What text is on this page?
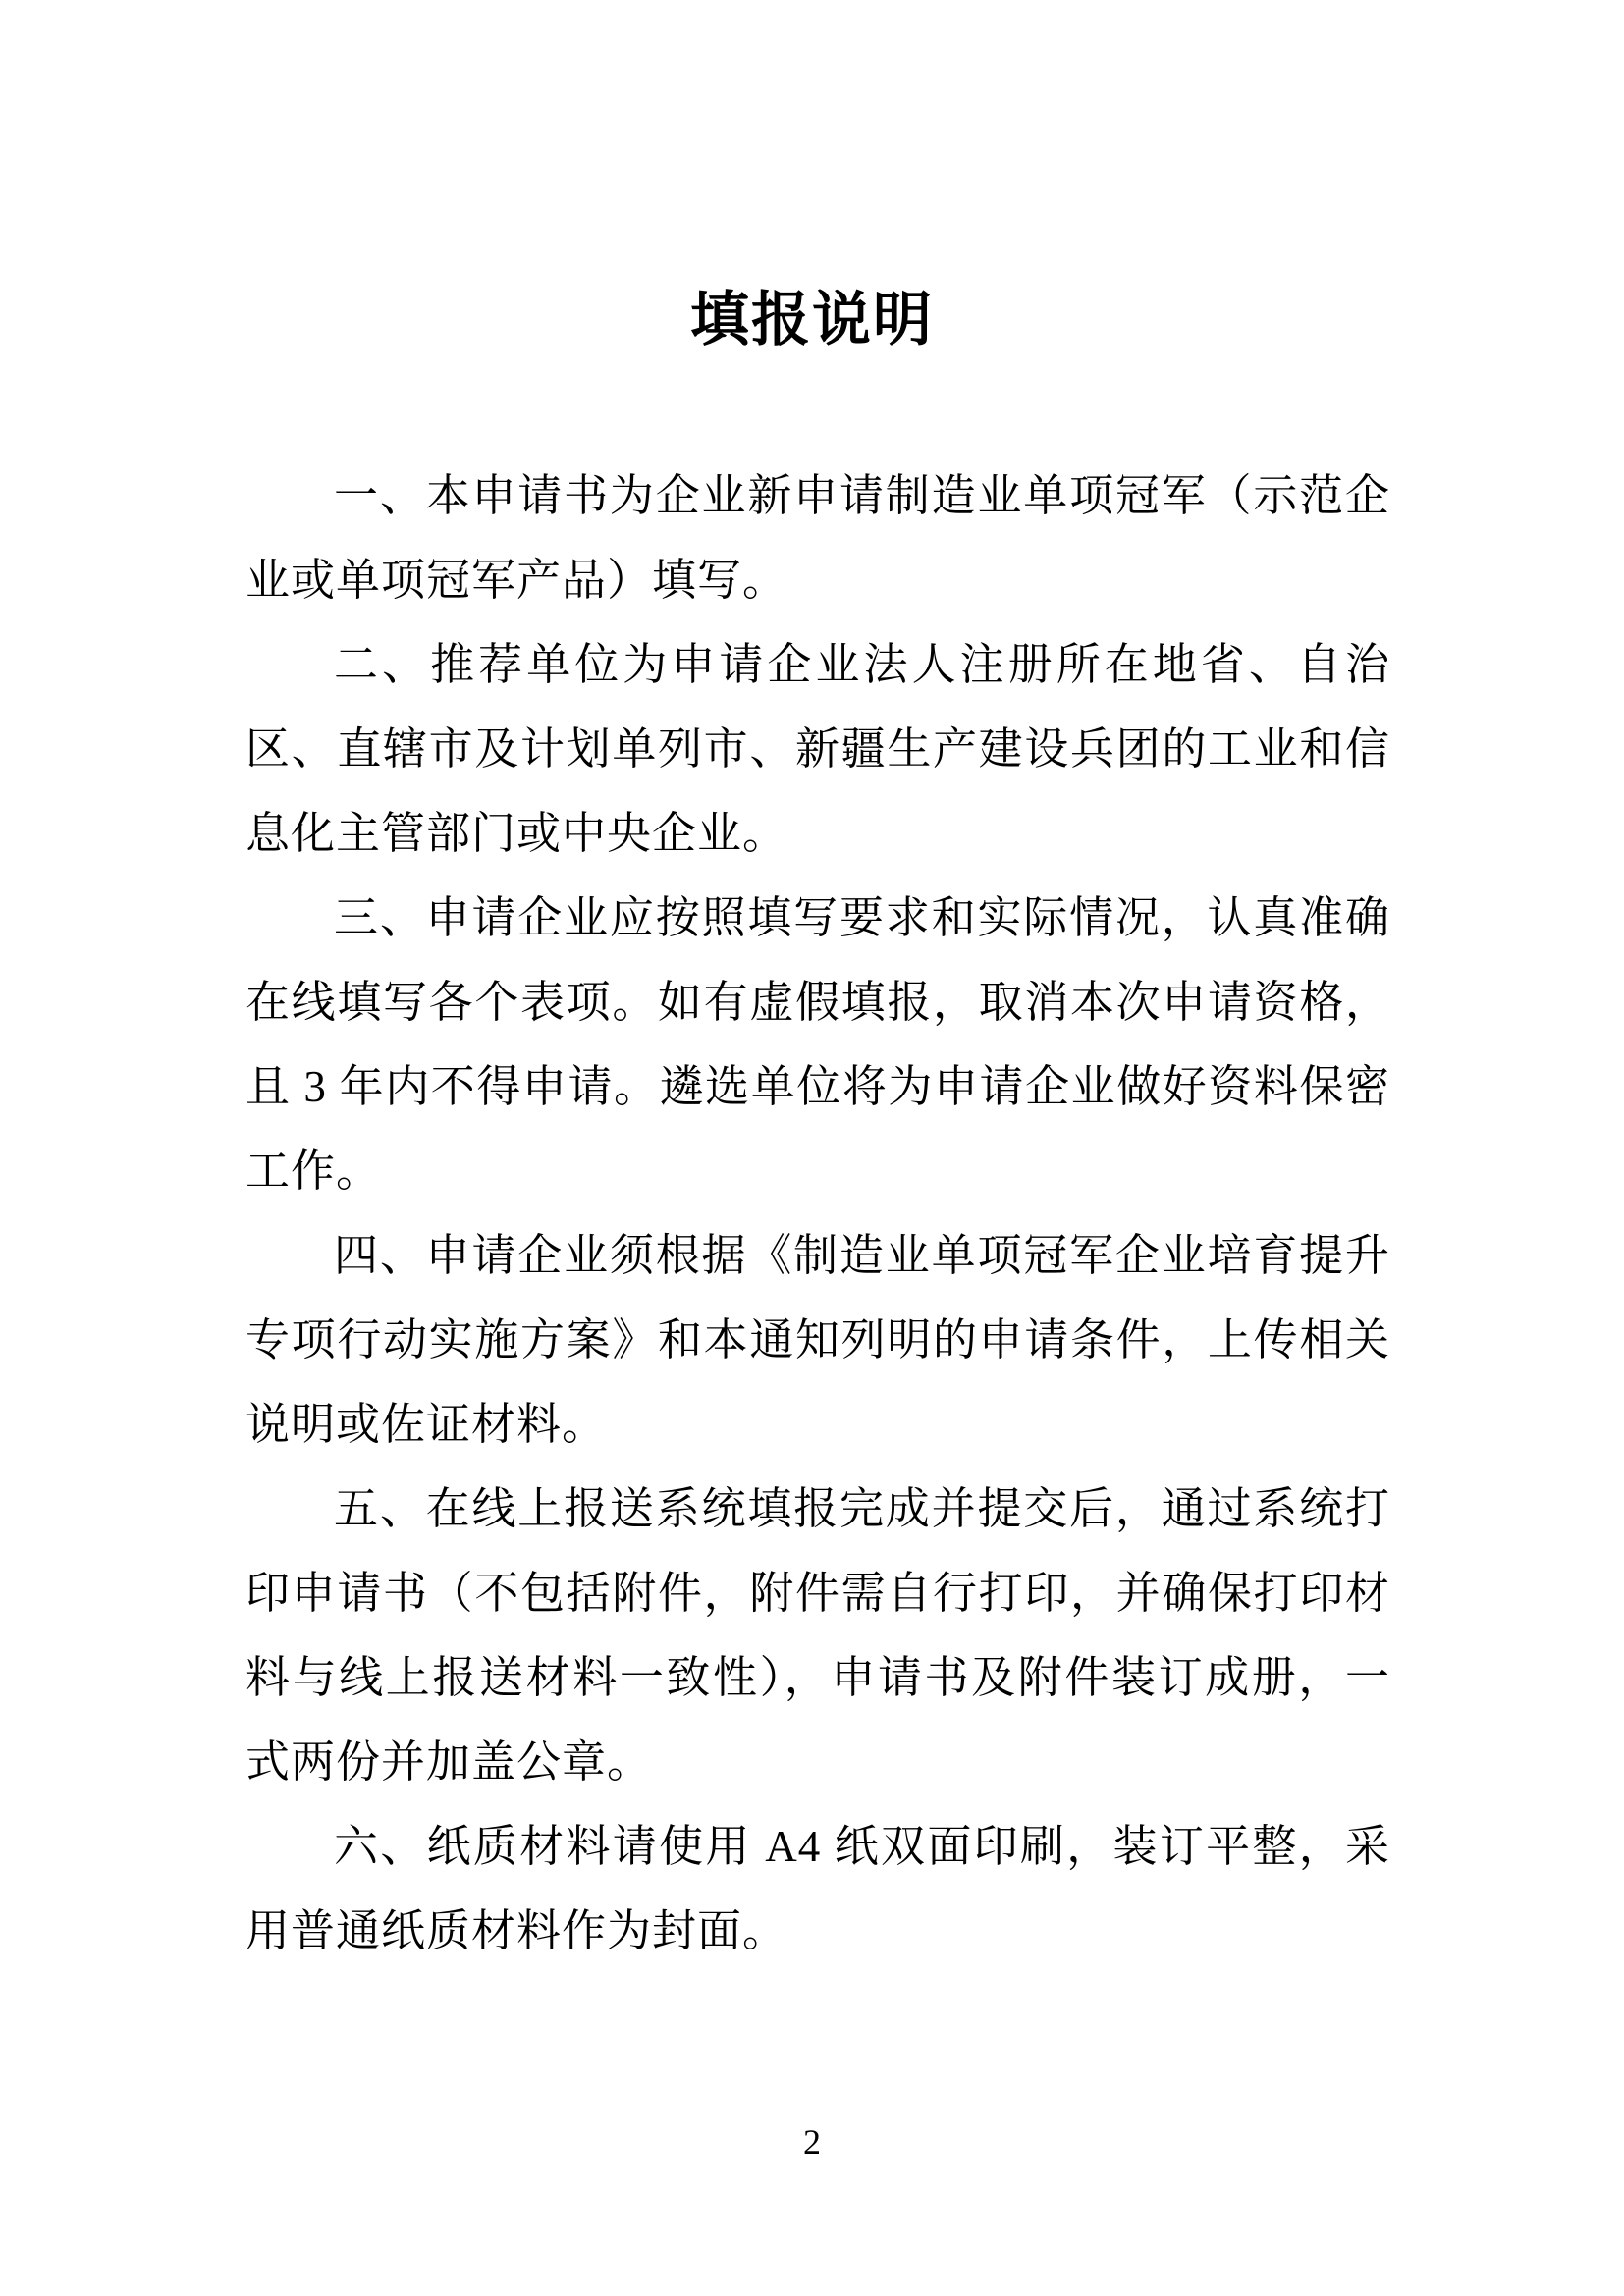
填报说明

一、本申请书为企业新申请制造业单项冠军（示范企业或单项冠军产品）填写。

二、推荐单位为申请企业法人注册所在地省、自治区、直辖市及计划单列市、新疆生产建设兵团的工业和信息化主管部门或中央企业。

三、申请企业应按照填写要求和实际情况，认真准确在线填写各个表项。如有虚假填报，取消本次申请资格，且 3 年内不得申请。遴选单位将为申请企业做好资料保密工作。

四、申请企业须根据《制造业单项冠军企业培育提升专项行动实施方案》和本通知列明的申请条件，上传相关说明或佐证材料。

五、在线上报送系统填报完成并提交后，通过系统打印申请书（不包括附件，附件需自行打印，并确保打印材料与线上报送材料一致性），申请书及附件装订成册，一式两份并加盖公章。

六、纸质材料请使用 A4 纸双面印刷，装订平整，采用普通纸质材料作为封面。

2
